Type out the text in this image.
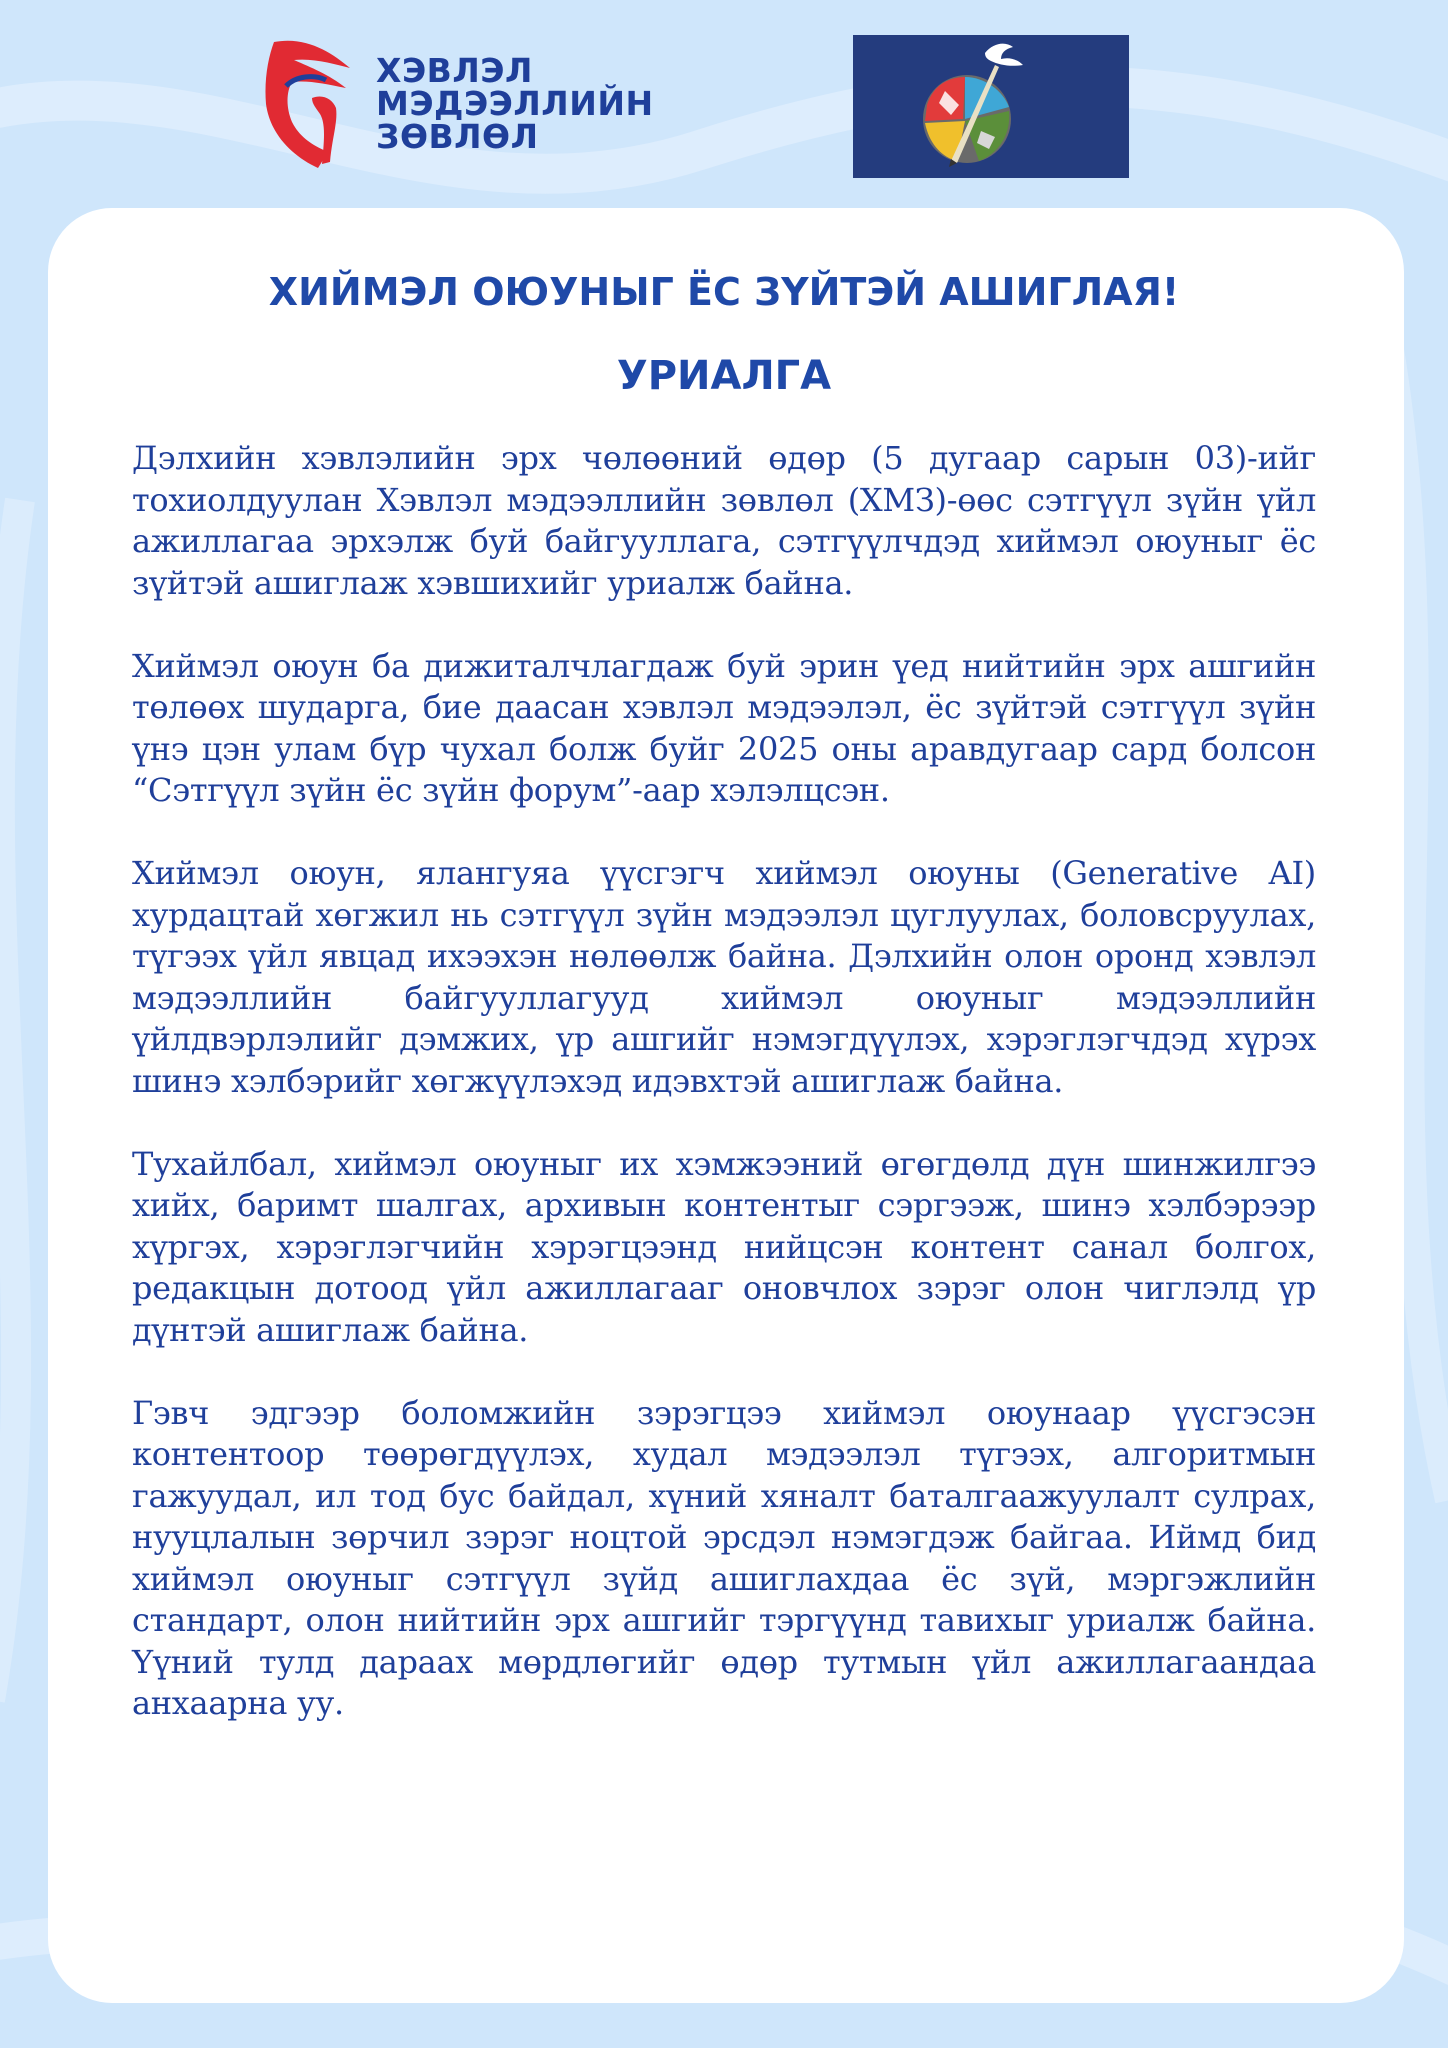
ХЭВЛЭЛ
МЭДЭЭЛЛИЙН
ЗӨВЛӨЛ
ХИЙМЭЛ ОЮУНЫГ ЁС ЗҮЙТЭЙ АШИГЛАЯ!
УРИАЛГА

Дэлхийн хэвлэлийн эрх чөлөөний өдөр (5 дугаар сарын 03)-ийг тохиолдуулан Хэвлэл мэдээллийн зөвлөл (ХМЗ)-өөс сэтгүүл зүйн үйл ажиллагаа эрхэлж буй байгууллага, сэтгүүлчдэд хиймэл оюуныг ёс зүйтэй ашиглаж хэвшихийг уриалж байна.

Хиймэл оюун ба дижиталчлагдаж буй эрин үед нийтийн эрх ашгийн төлөөх шударга, бие даасан хэвлэл мэдээлэл, ёс зүйтэй сэтгүүл зүйн үнэ цэн улам бүр чухал болж буйг 2025 оны аравдугаар сард болсон “Сэтгүүл зүйн ёс зүйн форум”-аар хэлэлцсэн.

Хиймэл оюун, ялангуяа үүсгэгч хиймэл оюуны (Generative AI) хурдацтай хөгжил нь сэтгүүл зүйн мэдээлэл цуглуулах, боловсруулах, түгээх үйл явцад ихээхэн нөлөөлж байна. Дэлхийн олон оронд хэвлэл мэдээллийн байгууллагууд хиймэл оюуныг мэдээллийн үйлдвэрлэлийг дэмжих, үр ашгийг нэмэгдүүлэх, хэрэглэгчдэд хүрэх шинэ хэлбэрийг хөгжүүлэхэд идэвхтэй ашиглаж байна.

Тухайлбал, хиймэл оюуныг их хэмжээний өгөгдөлд дүн шинжилгээ хийх, баримт шалгах, архивын контентыг сэргээж, шинэ хэлбэрээр хүргэх, хэрэглэгчийн хэрэгцээнд нийцсэн контент санал болгох, редакцын дотоод үйл ажиллагааг оновчлох зэрэг олон чиглэлд үр дүнтэй ашиглаж байна.

Гэвч эдгээр боломжийн зэрэгцээ хиймэл оюунаар үүсгэсэн контентоор төөрөгдүүлэх, худал мэдээлэл түгээх, алгоритмын гажуудал, ил тод бус байдал, хүний хяналт баталгаажуулалт сулрах, нууцлалын зөрчил зэрэг ноцтой эрсдэл нэмэгдэж байгаа. Иймд бид хиймэл оюуныг сэтгүүл зүйд ашиглахдаа ёс зүй, мэргэжлийн стандарт, олон нийтийн эрх ашгийг тэргүүнд тавихыг уриалж байна. Үүний тулд дараах мөрдлөгийг өдөр тутмын үйл ажиллагаандаа анхаарна уу.
